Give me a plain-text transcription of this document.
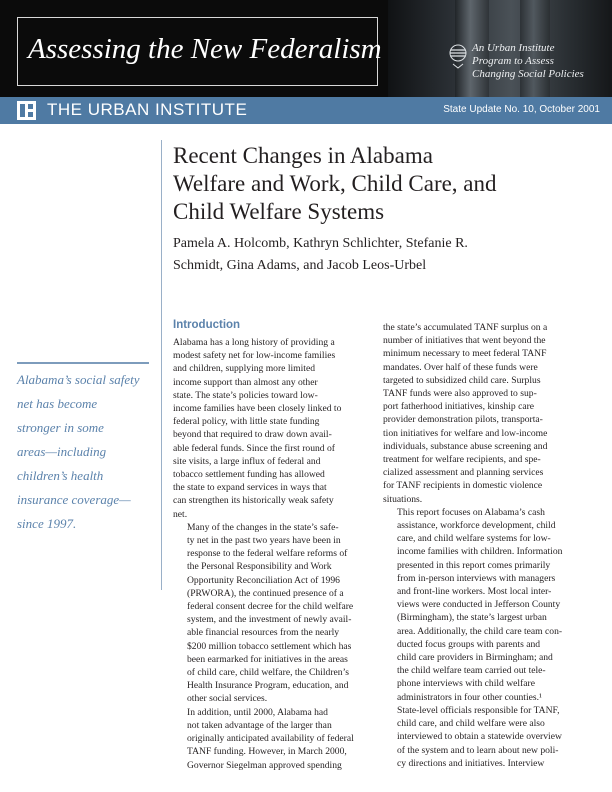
Assessing the New Federalism	An Urban Institute
Program to Assess
Changing Social Policies
THE URBAN INSTITUTE	State Update No. 10, October 2001
Recent Changes in Alabama
Welfare and Work, Child Care, and
Child Welfare Systems
Pamela A. Holcomb, Kathryn Schlichter, Stefanie R.
Schmidt, Gina Adams, and Jacob Leos-Urbel
Alabama’s social safety
net has become
stronger in some
areas—including
children’s health
insurance coverage—
since 1997.
Introduction

Alabama has a long history of providing a
modest safety net for low-income families
and children, supplying more limited
income support than almost any other
state. The state’s policies toward low-
income families have been closely linked to
federal policy, with little state funding
beyond that required to draw down avail-
able federal funds. Since the first round of
site visits, a large influx of federal and
tobacco settlement funding has allowed
the state to expand services in ways that
can strengthen its historically weak safety
net.

Many of the changes in the state’s safe-
ty net in the past two years have been in
response to the federal welfare reforms of
the Personal Responsibility and Work
Opportunity Reconciliation Act of 1996
(PRWORA), the continued presence of a
federal consent decree for the child welfare
system, and the investment of newly avail-
able financial resources from the nearly
$200 million tobacco settlement which has
been earmarked for initiatives in the areas
of child care, child welfare, the Children’s
Health Insurance Program, education, and
other social services.

In addition, until 2000, Alabama had
not taken advantage of the larger than
originally anticipated availability of federal
TANF funding. However, in March 2000,
Governor Siegelman approved spending

the state’s accumulated TANF surplus on a
number of initiatives that went beyond the
minimum necessary to meet federal TANF
mandates. Over half of these funds were
targeted to subsidized child care. Surplus
TANF funds were also approved to sup-
port fatherhood initiatives, kinship care
provider demonstration pilots, transporta-
tion initiatives for welfare and low-income
individuals, substance abuse screening and
treatment for welfare recipients, and spe-
cialized assessment and planning services
for TANF recipients in domestic violence
situations.

This report focuses on Alabama’s cash
assistance, workforce development, child
care, and child welfare systems for low-
income families with children. Information
presented in this report comes primarily
from in-person interviews with managers
and front-line workers. Most local inter-
views were conducted in Jefferson County
(Birmingham), the state’s largest urban
area. Additionally, the child care team con-
ducted focus groups with parents and
child care providers in Birmingham; and
the child welfare team carried out tele-
phone interviews with child welfare
administrators in four other counties.¹
State-level officials responsible for TANF,
child care, and child welfare were also
interviewed to obtain a statewide overview
of the system and to learn about new poli-
cy directions and initiatives. Interview
